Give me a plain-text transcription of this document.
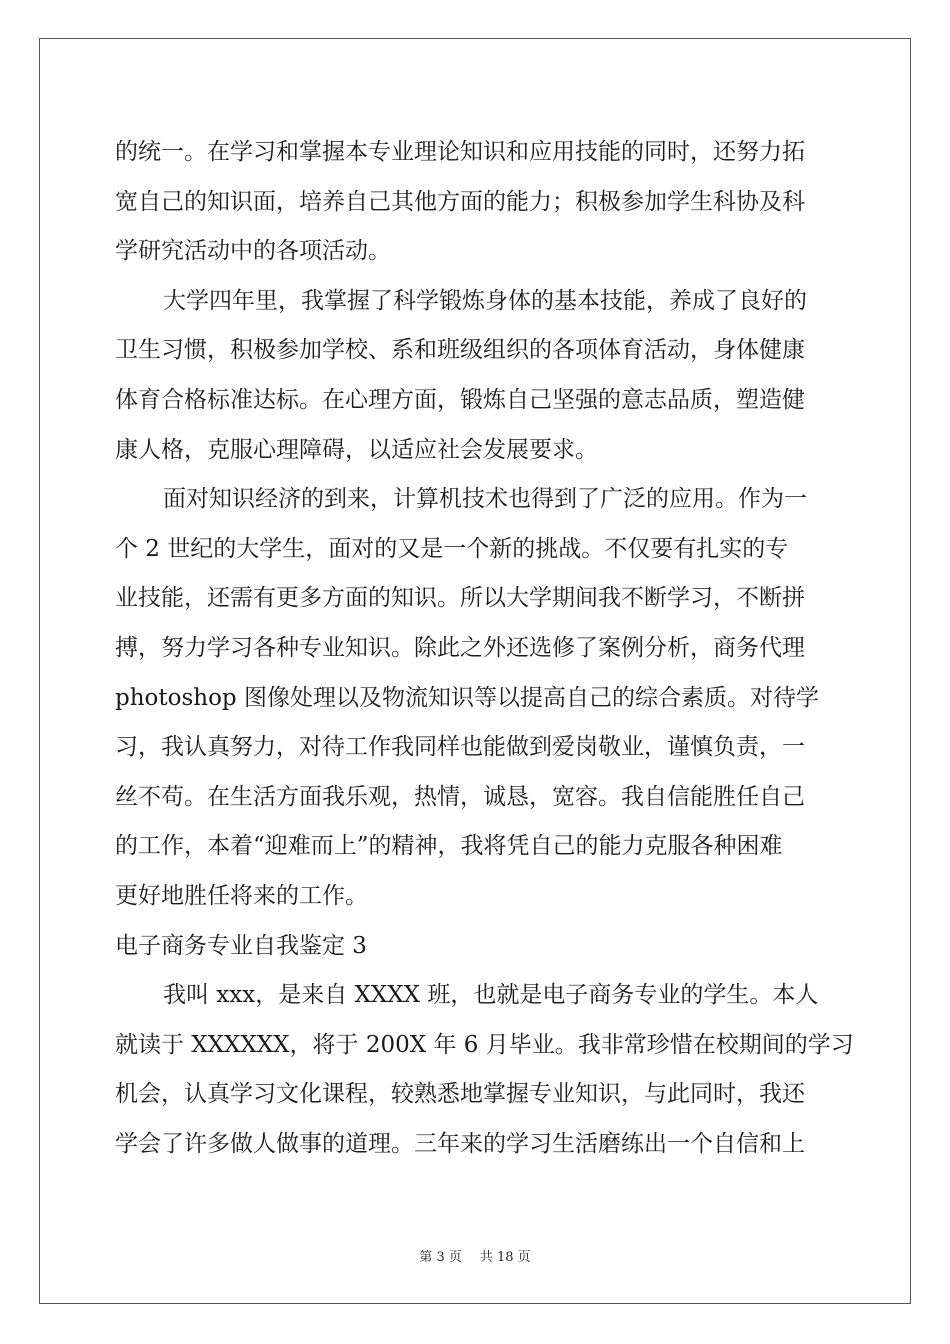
的统一。在学习和掌握本专业理论知识和应用技能的同时，还努力拓
宽自己的知识面，培养自己其他方面的能力；积极参加学生科协及科
学研究活动中的各项活动。
大学四年里，我掌握了科学锻炼身体的基本技能，养成了良好的
卫生习惯，积极参加学校、系和班级组织的各项体育活动，身体健康
体育合格标准达标。在心理方面，锻炼自己坚强的意志品质，塑造健
康人格，克服心理障碍，以适应社会发展要求。
面对知识经济的到来，计算机技术也得到了广泛的应用。作为一
个 2 世纪的大学生，面对的又是一个新的挑战。不仅要有扎实的专
业技能，还需有更多方面的知识。所以大学期间我不断学习，不断拼
搏，努力学习各种专业知识。除此之外还选修了案例分析，商务代理
photoshop 图像处理以及物流知识等以提高自己的综合素质。对待学
习，我认真努力，对待工作我同样也能做到爱岗敬业，谨慎负责，一
丝不苟。在生活方面我乐观，热情，诚恳，宽容。我自信能胜任自己
的工作，本着“迎难而上”的精神，我将凭自己的能力克服各种困难
更好地胜任将来的工作。
电子商务专业自我鉴定 3
我叫 xxx，是来自 XXXX 班，也就是电子商务专业的学生。本人
就读于 XXXXXX，将于 200X 年 6 月毕业。我非常珍惜在校期间的学习
机会，认真学习文化课程，较熟悉地掌握专业知识，与此同时，我还
学会了许多做人做事的道理。三年来的学习生活磨练出一个自信和上
第 3 页 共 18 页
